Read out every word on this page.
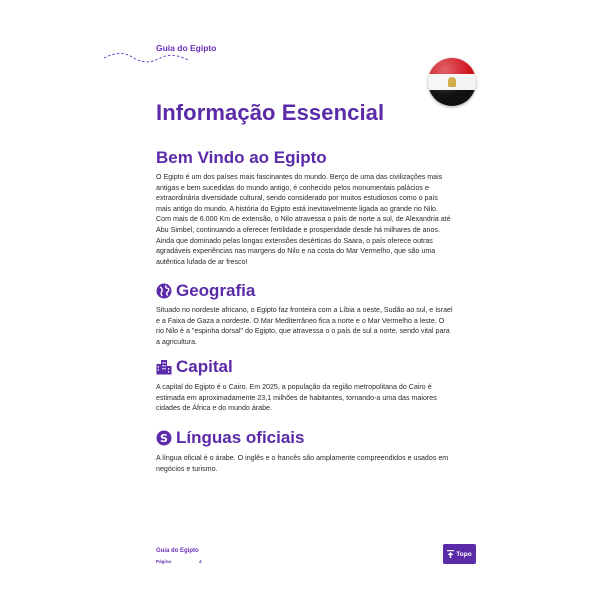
Guia do Egipto
Informação Essencial
Bem Vindo ao Egipto

O Egipto é um dos países mais fascinantes do mundo. Berço de uma das civilizações mais antigas e bem sucedidas do mundo antigo, é conhecido pelos monumentais palácios e extraordinária diversidade cultural, sendo considerado por muitos estudiosos como o país mais antigo do mundo. A história do Egipto está inevitavelmente ligada ao grande rio Nilo. Com mais de 6.000 Km de extensão, o Nilo atravessa o país de norte a sul, de Alexandria até Abu Simbel, continuando a oferecer fertilidade e prosperidade desde há milhares de anos. Ainda que dominado pelas longas extensões desérticas do Saara, o país oferece outras agradáveis experiências nas margens do Nilo e na costa do Mar Vermelho, que são uma autêntica lufada de ar fresco!

Geografia

Situado no nordeste africano, o Egipto faz fronteira com a Líbia a oeste, Sudão ao sul, e Israel e a Faixa de Gaza a nordeste. O Mar Mediterrâneo fica a norte e o Mar Vermelho a leste. O rio Nilo é a "espinha dorsal" do Egipto, que atravessa o o país de sul a norte, sendo vital para a agricultura.

Capital

A capital do Egipto é o Cairo. Em 2025, a população da região metropolitana do Cairo é estimada em aproximadamente 23,1 milhões de habitantes, tornando-a uma das maiores cidades de África e do mundo árabe.

S Línguas oficiais

A língua oficial é o árabe. O inglês e o francês são amplamente compreendidos e usados em negócios e turismo.

Guia do Egipto
Página	4
Topo
